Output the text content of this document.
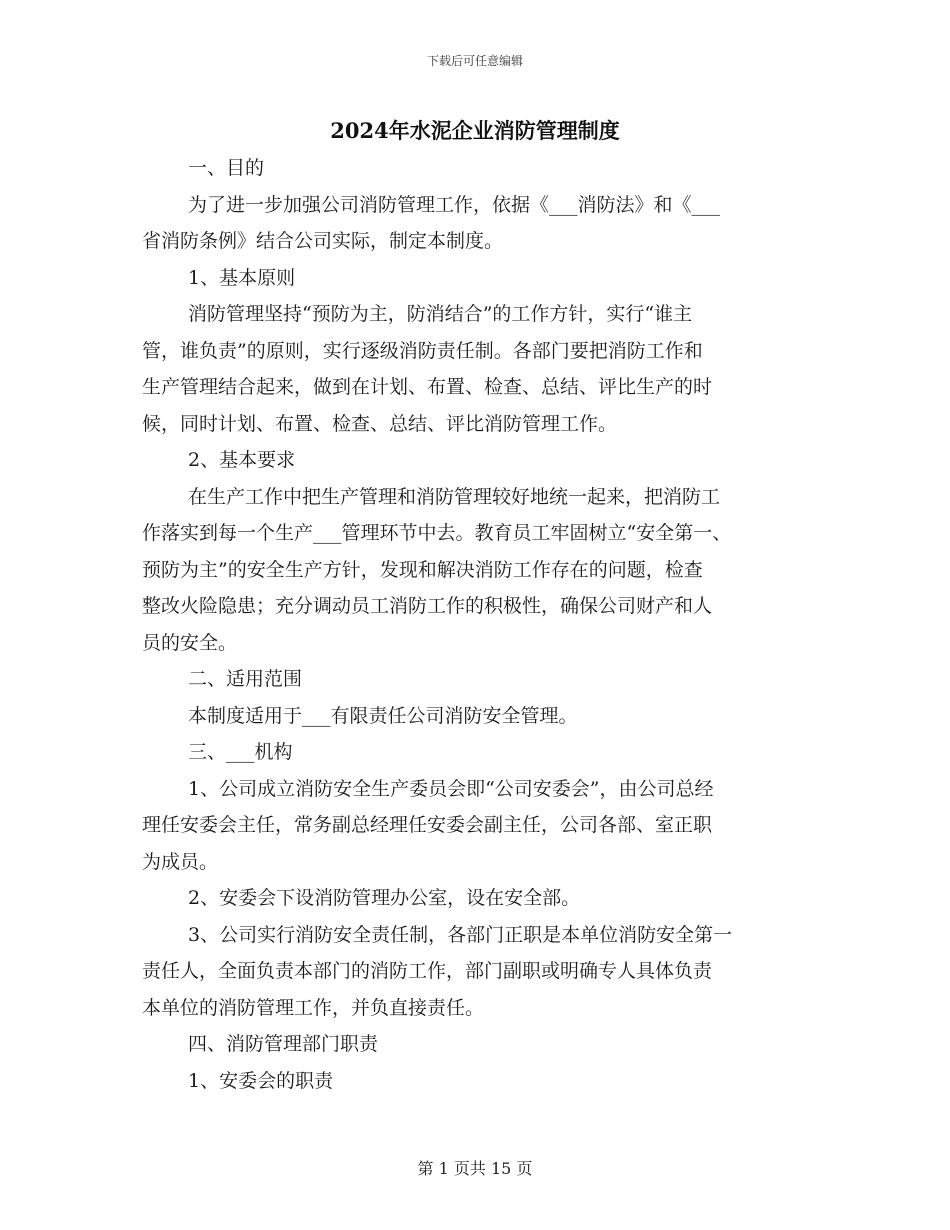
下载后可任意编辑
2024年水泥企业消防管理制度
一、目的
为了进一步加强公司消防管理工作，依据《___消防法》和《___
省消防条例》结合公司实际，制定本制度。
1、基本原则
消防管理坚持“预防为主，防消结合”的工作方针，实行“谁主
管，谁负责”的原则，实行逐级消防责任制。各部门要把消防工作和
生产管理结合起来，做到在计划、布置、检查、总结、评比生产的时
候，同时计划、布置、检查、总结、评比消防管理工作。
2、基本要求
在生产工作中把生产管理和消防管理较好地统一起来，把消防工
作落实到每一个生产___管理环节中去。教育员工牢固树立“安全第一、
预防为主”的安全生产方针，发现和解决消防工作存在的问题，检查
整改火险隐患；充分调动员工消防工作的积极性，确保公司财产和人
员的安全。
二、适用范围
本制度适用于___有限责任公司消防安全管理。
三、___机构
1、公司成立消防安全生产委员会即“公司安委会”，由公司总经
理任安委会主任，常务副总经理任安委会副主任，公司各部、室正职
为成员。
2、安委会下设消防管理办公室，设在安全部。
3、公司实行消防安全责任制，各部门正职是本单位消防安全第一
责任人，全面负责本部门的消防工作，部门副职或明确专人具体负责
本单位的消防管理工作，并负直接责任。
四、消防管理部门职责
1、安委会的职责
第 1 页共 15 页
